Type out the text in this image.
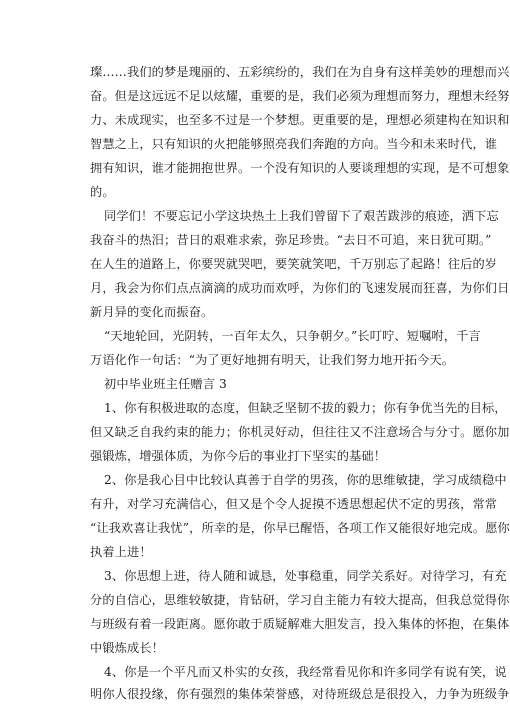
璨……我们的梦是瑰丽的、五彩缤纷的，我们在为自身有这样美妙的理想而兴
奋。但是这远远不足以炫耀，重要的是，我们必须为理想而努力，理想未经努
力、未成现实，也至多不过是一个梦想。更重要的是，理想必须建构在知识和
智慧之上，只有知识的火把能够照亮我们奔跑的方向。当今和未来时代，谁
拥有知识，谁才能拥抱世界。一个没有知识的人要谈理想的实现，是不可想象
的。
同学们！不要忘记小学这块热土上我们曾留下了艰苦跋涉的痕迹，洒下忘
我奋斗的热汨；昔日的艰难求索，弥足珍贵。“去日不可追，来日犹可期。”
在人生的道路上，你要哭就哭吧，要笑就笑吧，千万别忘了起路！往后的岁
月，我会为你们点点滴滴的成功而欢呼，为你们的飞速发展而狂喜，为你们日
新月异的变化而振奋。
“天地轮回，光阴转，一百年太久，只争朝夕。”长叮咛、短嘱咐，千言
万语化作一句话：“为了更好地拥有明天，让我们努力地开拓今天。
初中毕业班主任赠言 3
1、你有积极进取的态度，但缺乏坚韧不拔的毅力；你有争优当先的目标，
但又缺乏自我约束的能力；你机灵好动，但往往又不注意场合与分寸。愿你加
强锻炼，增强体质，为你今后的事业打下坚实的基础！
2、你是我心目中比较认真善于自学的男孩，你的思维敏捷，学习成绩稳中
有升，对学习充满信心，但又是个令人捉摸不透思想起伏不定的男孩，常常
“让我欢喜让我忧”，所幸的是，你早已醒悟，各项工作又能很好地完成。愿你
执着上进！
3、你思想上进，待人随和诚恳，处事稳重，同学关系好。对待学习，有充
分的自信心，思维较敏捷，肯钻研，学习自主能力有较大提高，但我总觉得你
与班级有着一段距离。愿你敢于质疑解难大胆发言，投入集体的怀抱，在集体
中锻炼成长！
4、你是一个平凡而又朴实的女孩，我经常看见你和许多同学有说有笑，说
明你人很投缘，你有强烈的集体荣誉感，对待班级总是很投入，力争为班级争
